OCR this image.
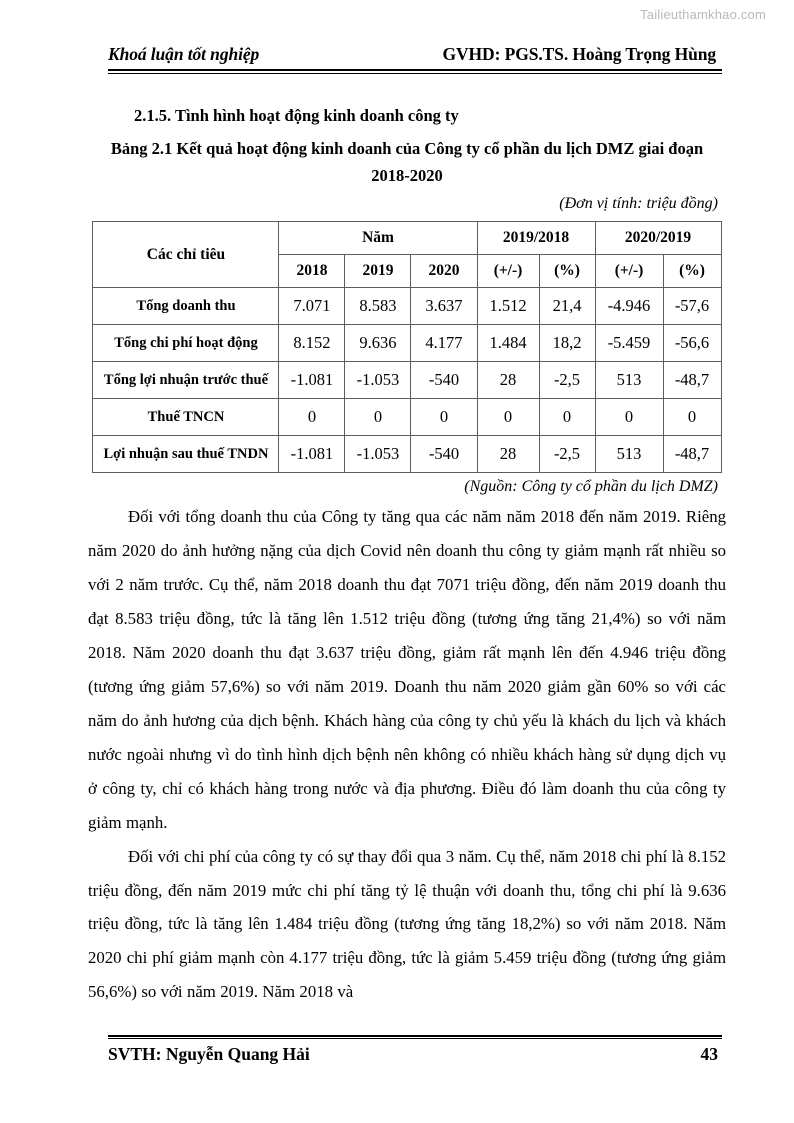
Tailieuthamkhao.com
Khoá luận tốt nghiệp	GVHD: PGS.TS. Hoàng Trọng Hùng

2.1.5. Tình hình hoạt động kinh doanh công ty

Bảng 2.1 Kết quả hoạt động kinh doanh của Công ty cổ phần du lịch DMZ giai đoạn 2018-2020

(Đơn vị tính: triệu đồng)

Các chỉ tiêu	Năm			2019/2018		2020/2019	
	2018	2019	2020	(+/-)	(%)	(+/-)	(%)
Tổng doanh thu	7.071	8.583	3.637	1.512	21,4	-4.946	-57,6
Tổng chi phí hoạt động	8.152	9.636	4.177	1.484	18,2	-5.459	-56,6
Tổng lợi nhuận trước thuế	-1.081	-1.053	-540	28	-2,5	513	-48,7
Thuế TNCN	0	0	0	0	0	0	0
Lợi nhuận sau thuế TNDN	-1.081	-1.053	-540	28	-2,5	513	-48,7

(Nguồn: Công ty cổ phần du lịch DMZ)

Đối với tổng doanh thu của Công ty tăng qua các năm năm 2018 đến năm 2019. Riêng năm 2020 do ảnh hưởng nặng của dịch Covid nên doanh thu công ty giảm mạnh rất nhiều so với 2 năm trước. Cụ thể, năm 2018 doanh thu đạt 7071 triệu đồng, đến năm 2019 doanh thu đạt 8.583 triệu đồng, tức là tăng lên 1.512 triệu đồng (tương ứng tăng 21,4%) so với năm 2018. Năm 2020 doanh thu đạt 3.637 triệu đồng, giảm rất mạnh lên đến 4.946 triệu đồng (tương ứng giảm 57,6%) so với năm 2019. Doanh thu năm 2020 giảm gần 60% so với các năm do ảnh hương của dịch bệnh. Khách hàng của công ty chủ yếu là khách du lịch và khách nước ngoài nhưng vì do tình hình dịch bệnh nên không có nhiều khách hàng sử dụng dịch vụ ở công ty, chỉ có khách hàng trong nước và địa phương. Điều đó làm doanh thu của công ty giảm mạnh.

Đối với chi phí của công ty có sự thay đổi qua 3 năm. Cụ thể, năm 2018 chi phí là 8.152 triệu đồng, đến năm 2019 mức chi phí tăng tỷ lệ thuận với doanh thu, tổng chi phí là 9.636 triệu đồng, tức là tăng lên 1.484 triệu đồng (tương ứng tăng 18,2%) so với năm 2018. Năm 2020 chi phí giảm mạnh còn 4.177 triệu đồng, tức là giảm 5.459 triệu đồng (tương ứng giảm 56,6%) so với năm 2019. Năm 2018 và

SVTH: Nguyễn Quang Hải	43
